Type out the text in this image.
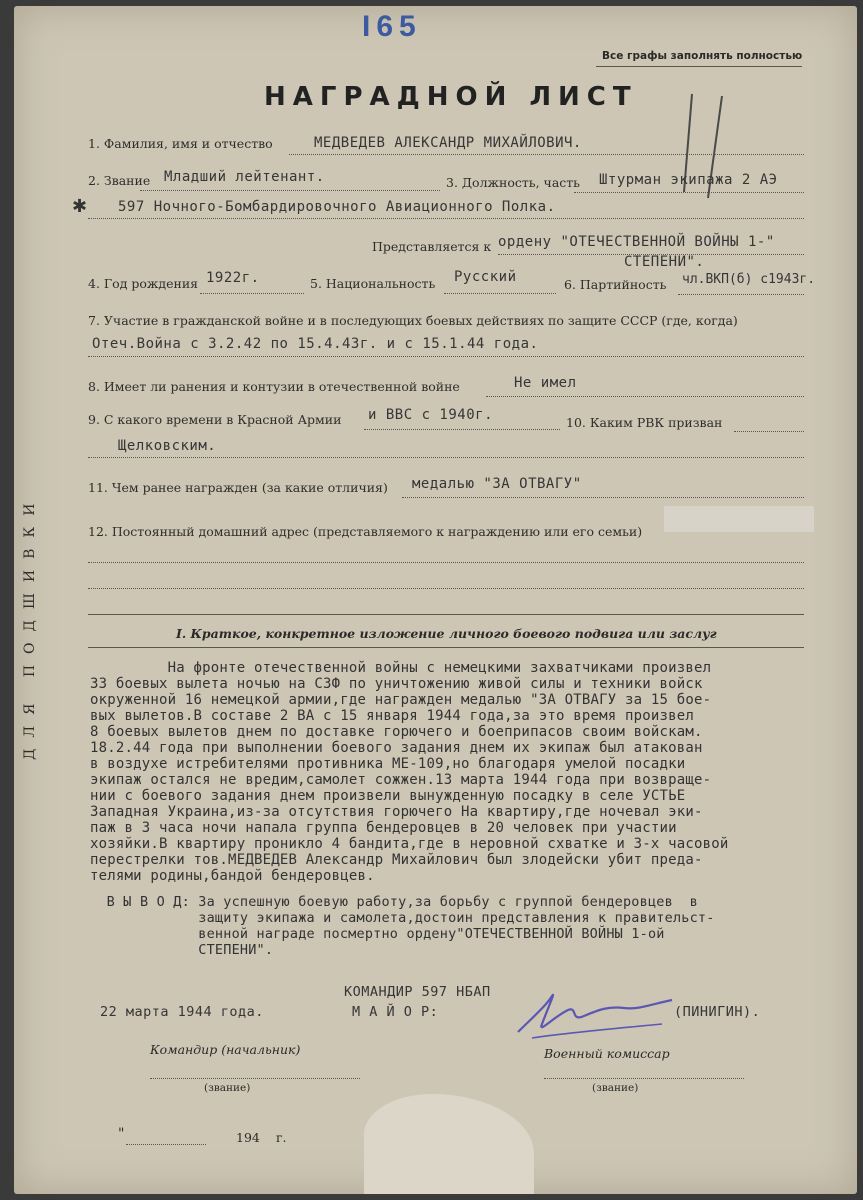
I65
Все графы заполнять полностью
НАГРАДНОЙ ЛИСТ
1. Фамилия, имя и отчество	МЕДВЕДЕВ АЛЕКСАНДР МИХАЙЛОВИЧ.
2. Звание Младший лейтенант.	3. Должность, часть Штурман экипажа 2 АЭ
✱ 597 Ночного-Бомбардировочного Авиационного Полка.
Представляется к ордену "ОТЕЧЕСТВЕННОЙ ВОЙНЫ 1-"
СТЕПЕНИ".
4. Год рождения 1922г.	5. Национальность Русский	6. Партийность чл.ВКП(б) с1943г.
7. Участие в гражданской войне и в последующих боевых действиях по защите СССР (где, когда)
Отеч.Война с 3.2.42 по 15.4.43г. и с 15.1.44 года.
8. Имеет ли ранения и контузии в отечественной войне	Не имел
9. С какого времени в Красной Армии и ВВС с 1940г.	10. Каким РВК призван
Щелковским.
11. Чем ранее награжден (за какие отличия) медалью "ЗА ОТВАГУ"
12. Постоянный домашний адрес (представляемого к награждению или его семьи)
I. Краткое, конкретное изложение личного боевого подвига или заслуг
На фронте отечественной войны с немецкими захватчиками произвел
33 боевых вылета ночью на СЗФ по уничтожению живой силы и техники войск
окруженной 16 немецкой армии,где награжден медалью "ЗА ОТВАГУ за 15 бое-
вых вылетов.В составе 2 ВА с 15 января 1944 года,за это время произвел
8 боевых вылетов днем по доставке горючего и боеприпасов своим войскам.
18.2.44 года при выполнении боевого задания днем их экипаж был атакован
в воздухе истребителями противника МЕ-109,но благодаря умелой посадки
экипаж остался не вредим,самолет сожжен.13 марта 1944 года при возвраще-
нии с боевого задания днем произвели вынужденную посадку в селе УСТЬЕ
Западная Украина,из-за отсутствия горючего На квартиру,где ночевал эки-
паж в 3 часа ночи напала группа бендеровцев в 20 человек при участии
хозяйки.В квартиру проникло 4 бандита,где в неровной схватке и 3-х часовой
перестрелки тов.МЕДВЕДЕВ Александр Михайлович был злодейски убит преда-
телями родины,бандой бендеровцев.
В Ы В О Д: За успешную боевую работу,за борьбу с группой бендеровцев  в
защиту экипажа и самолета,достоин представления к правительст-
венной награде посмертно ордену"ОТЕЧЕСТВЕННОЙ ВОЙНЫ 1-ой
СТЕПЕНИ".
КОМАНДИР 597 НБАП
22 марта 1944 года.	М А Й О Р:	(ПИНИГИН).
Командир (начальник)	Военный комиссар
(звание)	(звание)
"	194 г.
ДЛЯ ПОДШИВКИ
